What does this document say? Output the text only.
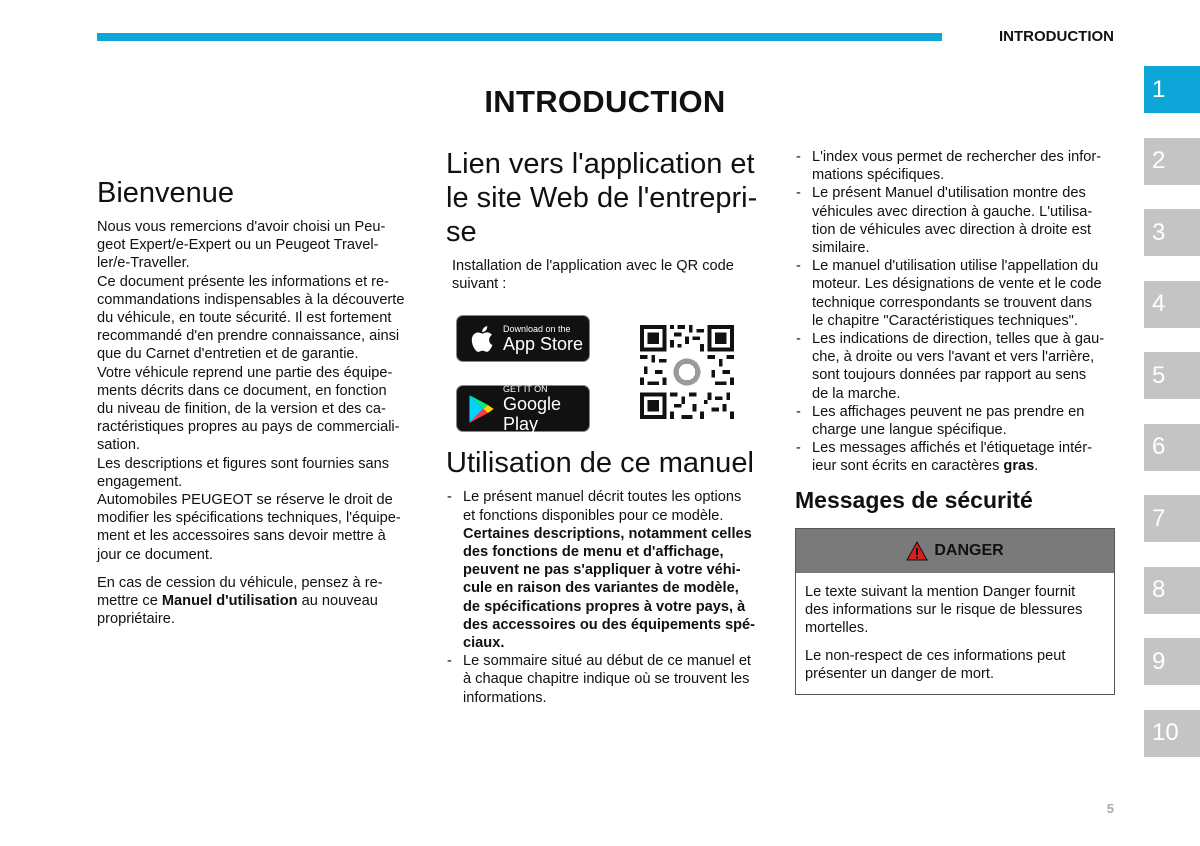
INTRODUCTION
INTRODUCTION	1
2
3
4
5
6
7
8
9
10
Bienvenue

Nous vous remercions d'avoir choisi un Peu-
geot Expert/e-Expert ou un Peugeot Travel-
ler/e-Traveller.
Ce document présente les informations et re-
commandations indispensables à la découverte
du véhicule, en toute sécurité. Il est fortement
recommandé d'en prendre connaissance, ainsi
que du Carnet d'entretien et de garantie.
Votre véhicule reprend une partie des équipe-
ments décrits dans ce document, en fonction
du niveau de finition, de la version et des ca-
ractéristiques propres au pays de commerciali-
sation.
Les descriptions et figures sont fournies sans
engagement.
Automobiles PEUGEOT se réserve le droit de
modifier les spécifications techniques, l'équipe-
ment et les accessoires sans devoir mettre à
jour ce document.

En cas de cession du véhicule, pensez à re-
mettre ce Manuel d'utilisation au nouveau
propriétaire.

Lien vers l'application et
le site Web de l'entrepri-
se

Installation de l'application avec le QR code
suivant :

Download on the
App Store
GET IT ON
Google Play
Utilisation de ce manuel
- Le présent manuel décrit toutes les options
et fonctions disponibles pour ce modèle.
Certaines descriptions, notamment celles
des fonctions de menu et d'affichage,
peuvent ne pas s'appliquer à votre véhi-
cule en raison des variantes de modèle,
de spécifications propres à votre pays, à
des accessoires ou des équipements spé-
ciaux.
- Le sommaire situé au début de ce manuel et
à chaque chapitre indique où se trouvent les
informations.
- L'index vous permet de rechercher des infor-
mations spécifiques.
- Le présent Manuel d'utilisation montre des
véhicules avec direction à gauche. L'utilisa-
tion de véhicules avec direction à droite est
similaire.
- Le manuel d'utilisation utilise l'appellation du
moteur. Les désignations de vente et le code
technique correspondants se trouvent dans
le chapitre "Caractéristiques techniques".
- Les indications de direction, telles que à gau-
che, à droite ou vers l'avant et vers l'arrière,
sont toujours données par rapport au sens
de la marche.
- Les affichages peuvent ne pas prendre en
charge une langue spécifique.
- Les messages affichés et l'étiquetage intér-
ieur sont écrits en caractères gras.
Messages de sécurité
DANGER

Le texte suivant la mention Danger fournit
des informations sur le risque de blessures
mortelles.

Le non-respect de ces informations peut
présenter un danger de mort.

5
